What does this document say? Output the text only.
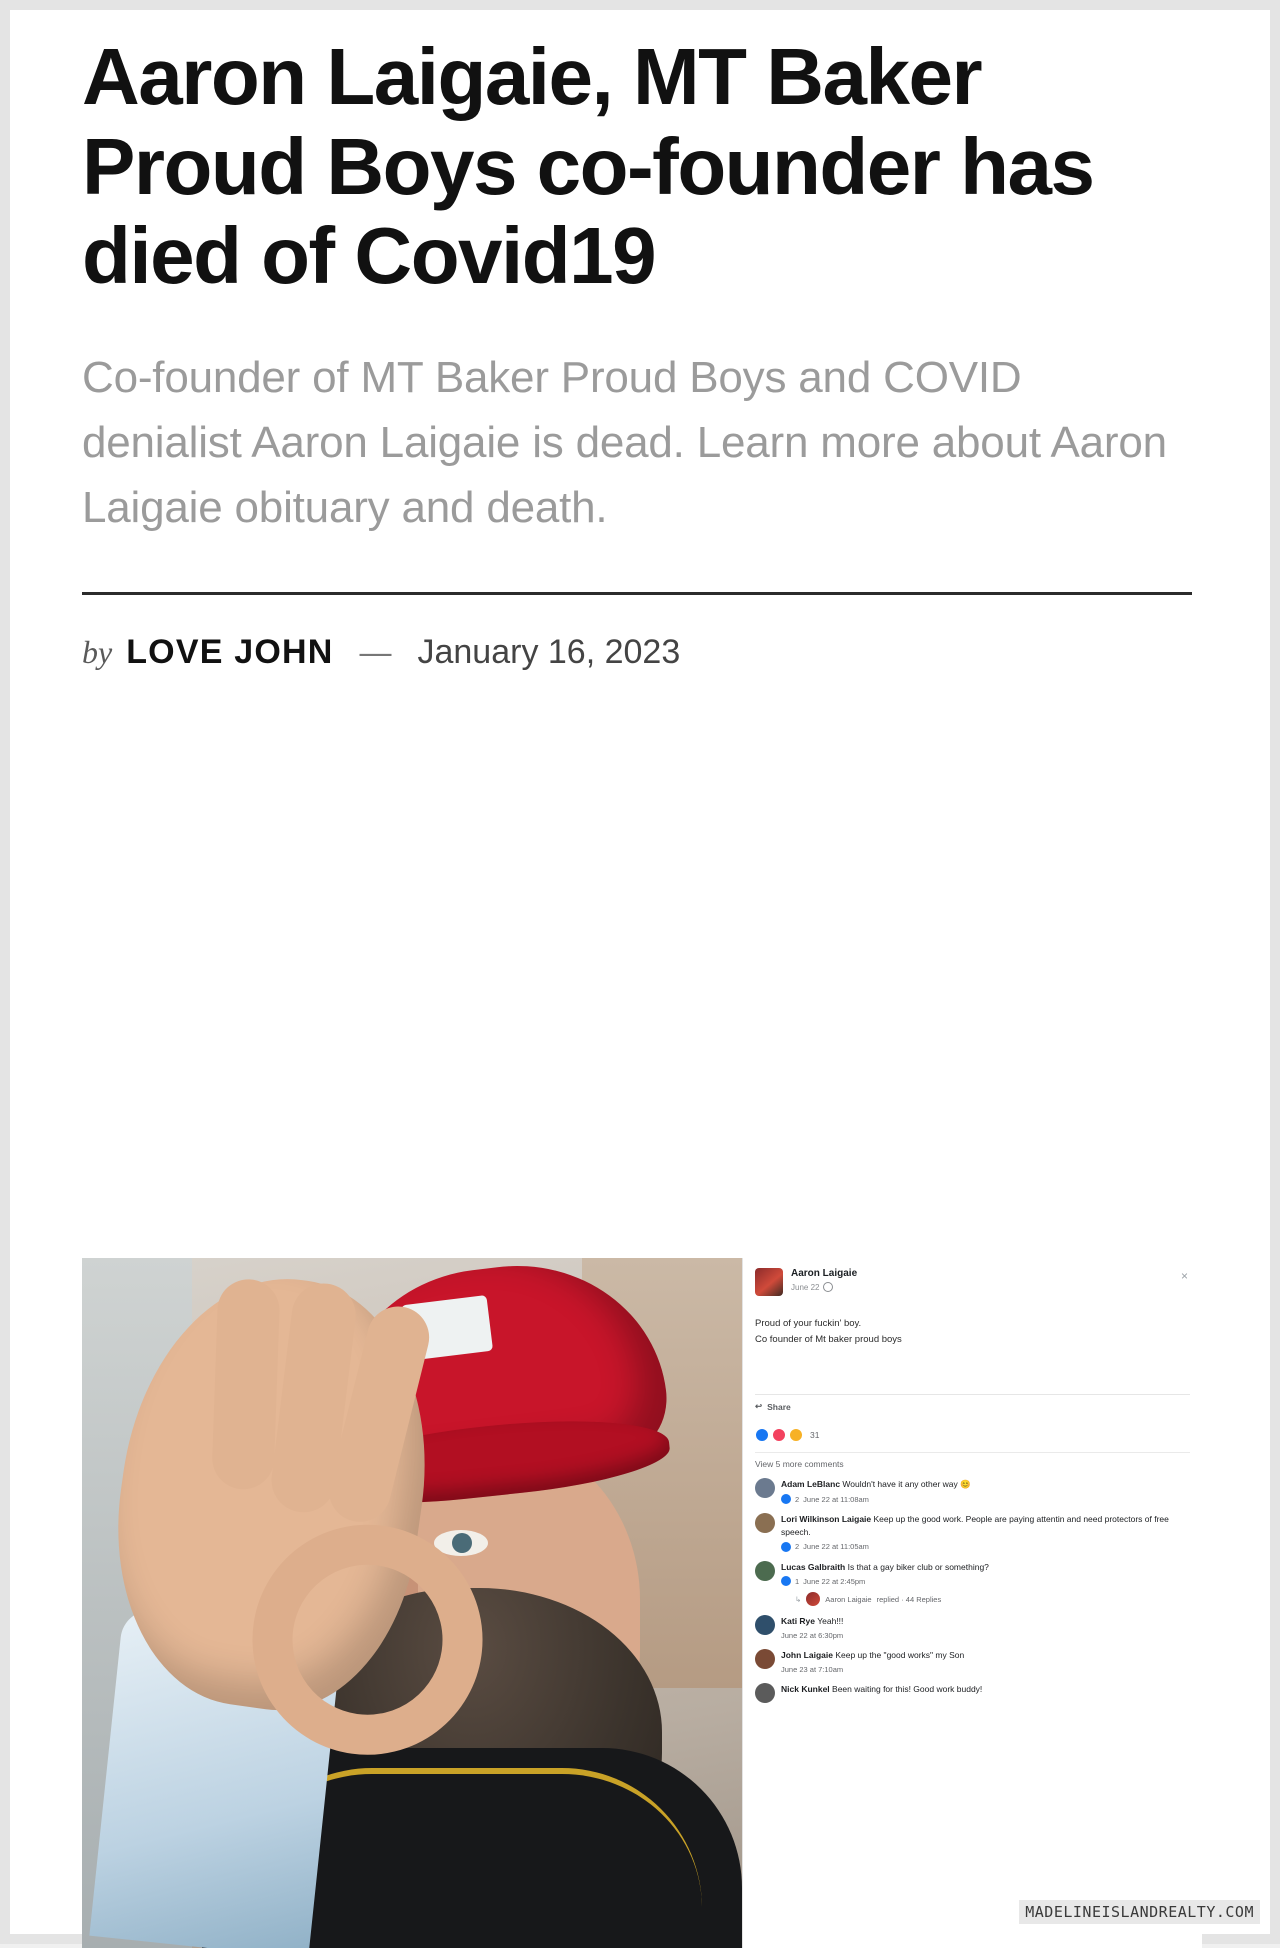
Aaron Laigaie, MT Baker Proud Boys co-founder has died of Covid19
Co-founder of MT Baker Proud Boys and COVID denialist Aaron Laigaie is dead. Learn more about Aaron Laigaie obituary and death.
by LOVE JOHN — January 16, 2023
×
Aaron Laigaie
June 22
Proud of your fuckin' boy.
Co founder of Mt baker proud boys
↪ Share
31
View 5 more comments
Adam LeBlanc Wouldn't have it any other way 😊
2 June 22 at 11:08am
Lori Wilkinson Laigaie Keep up the good work. People are paying attentin and need protectors of free speech.
2 June 22 at 11:05am
Lucas Galbraith Is that a gay biker club or something?
1 June 22 at 2:45pm
↳	Aaron Laigaie replied · 44 Replies
Kati Rye Yeah!!!
June 22 at 6:30pm
John Laigaie Keep up the "good works" my Son
June 23 at 7:10am
Nick Kunkel Been waiting for this! Good work buddy!
MADELINEISLANDREALTY.COM
